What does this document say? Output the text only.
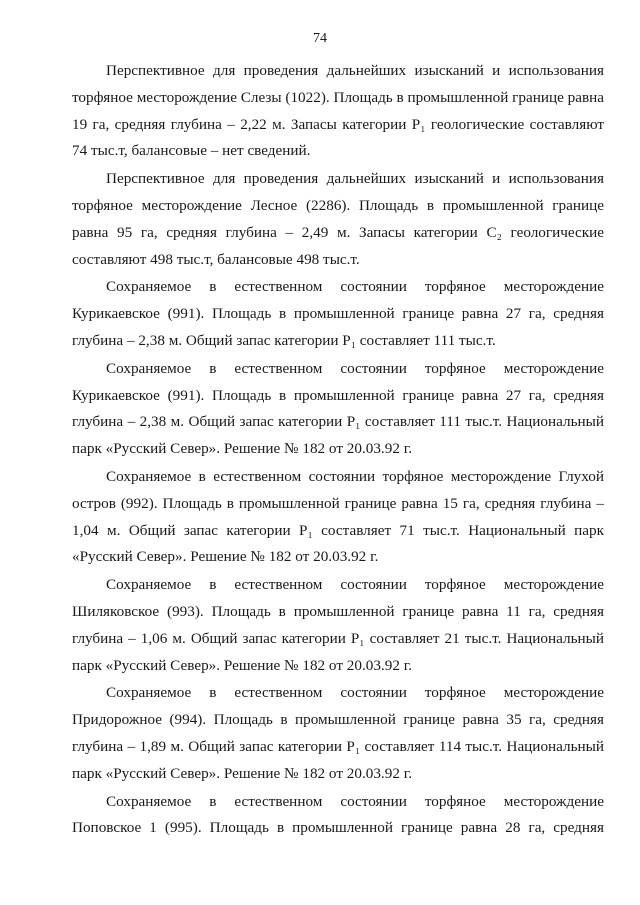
74

Перспективное для проведения дальнейших изысканий и использования торфяное месторождение Слезы (1022). Площадь в промышленной границе равна 19 га, средняя глубина – 2,22 м. Запасы категории P₁ геологические составляют 74 тыс.т, балансовые – нет сведений.

Перспективное для проведения дальнейших изысканий и использования торфяное месторождение Лесное (2286). Площадь в промышленной границе равна 95 га, средняя глубина – 2,49 м. Запасы категории C₂ геологические составляют 498 тыс.т, балансовые 498 тыс.т.

Сохраняемое в естественном состоянии торфяное месторождение Курикаевское (991). Площадь в промышленной границе равна 27 га, средняя глубина – 2,38 м. Общий запас категории P₁ составляет 111 тыс.т.

Сохраняемое в естественном состоянии торфяное месторождение Курикаевское (991). Площадь в промышленной границе равна 27 га, средняя глубина – 2,38 м. Общий запас категории P₁ составляет 111 тыс.т. Национальный парк «Русский Север». Решение № 182 от 20.03.92 г.

Сохраняемое в естественном состоянии торфяное месторождение Глухой остров (992). Площадь в промышленной границе равна 15 га, средняя глубина – 1,04 м. Общий запас категории P₁ составляет 71 тыс.т. Национальный парк «Русский Север». Решение № 182 от 20.03.92 г.

Сохраняемое в естественном состоянии торфяное месторождение Шиляковское (993). Площадь в промышленной границе равна 11 га, средняя глубина – 1,06 м. Общий запас категории P₁ составляет 21 тыс.т. Национальный парк «Русский Север». Решение № 182 от 20.03.92 г.

Сохраняемое в естественном состоянии торфяное месторождение Придорожное (994). Площадь в промышленной границе равна 35 га, средняя глубина – 1,89 м. Общий запас категории P₁ составляет 114 тыс.т. Национальный парк «Русский Север». Решение № 182 от 20.03.92 г.

Сохраняемое в естественном состоянии торфяное месторождение Поповское 1 (995). Площадь в промышленной границе равна 28 га, средняя
